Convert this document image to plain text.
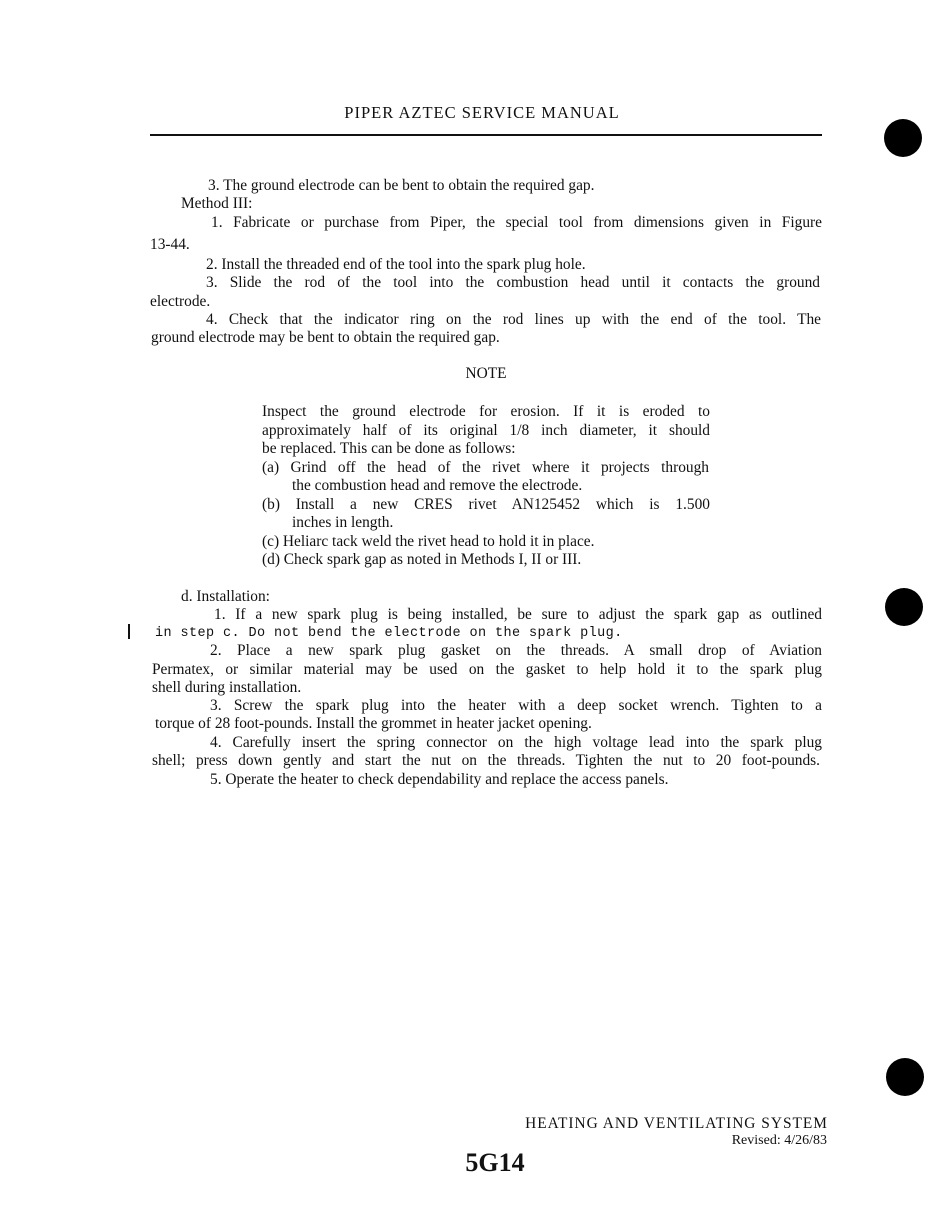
PIPER AZTEC SERVICE MANUAL
3. The ground electrode can be bent to obtain the required gap.
Method III:
1. Fabricate or purchase from Piper, the special tool from dimensions given in Figure
13-44.
2. Install the threaded end of the tool into the spark plug hole.
3. Slide the rod of the tool into the combustion head until it contacts the ground
electrode.
4. Check that the indicator ring on the rod lines up with the end of the tool. The
ground electrode may be bent to obtain the required gap.
NOTE
Inspect the ground electrode for erosion. If it is eroded to
approximately half of its original 1/8 inch diameter, it should
be replaced. This can be done as follows:
(a) Grind off the head of the rivet where it projects through
the combustion head and remove the electrode.
(b) Install a new CRES rivet AN125452 which is 1.500
inches in length.
(c) Heliarc tack weld the rivet head to hold it in place.
(d) Check spark gap as noted in Methods I, II or III.
d. Installation:
1. If a new spark plug is being installed, be sure to adjust the spark gap as outlined
in step c. Do not bend the electrode on the spark plug.
2. Place a new spark plug gasket on the threads. A small drop of Aviation
Permatex, or similar material may be used on the gasket to help hold it to the spark plug
shell during installation.
3. Screw the spark plug into the heater with a deep socket wrench. Tighten to a
torque of 28 foot-pounds. Install the grommet in heater jacket opening.
4. Carefully insert the spring connector on the high voltage lead into the spark plug
shell; press down gently and start the nut on the threads. Tighten the nut to 20 foot-pounds.
5. Operate the heater to check dependability and replace the access panels.
HEATING AND VENTILATING SYSTEM
Revised: 4/26/83
5G14
